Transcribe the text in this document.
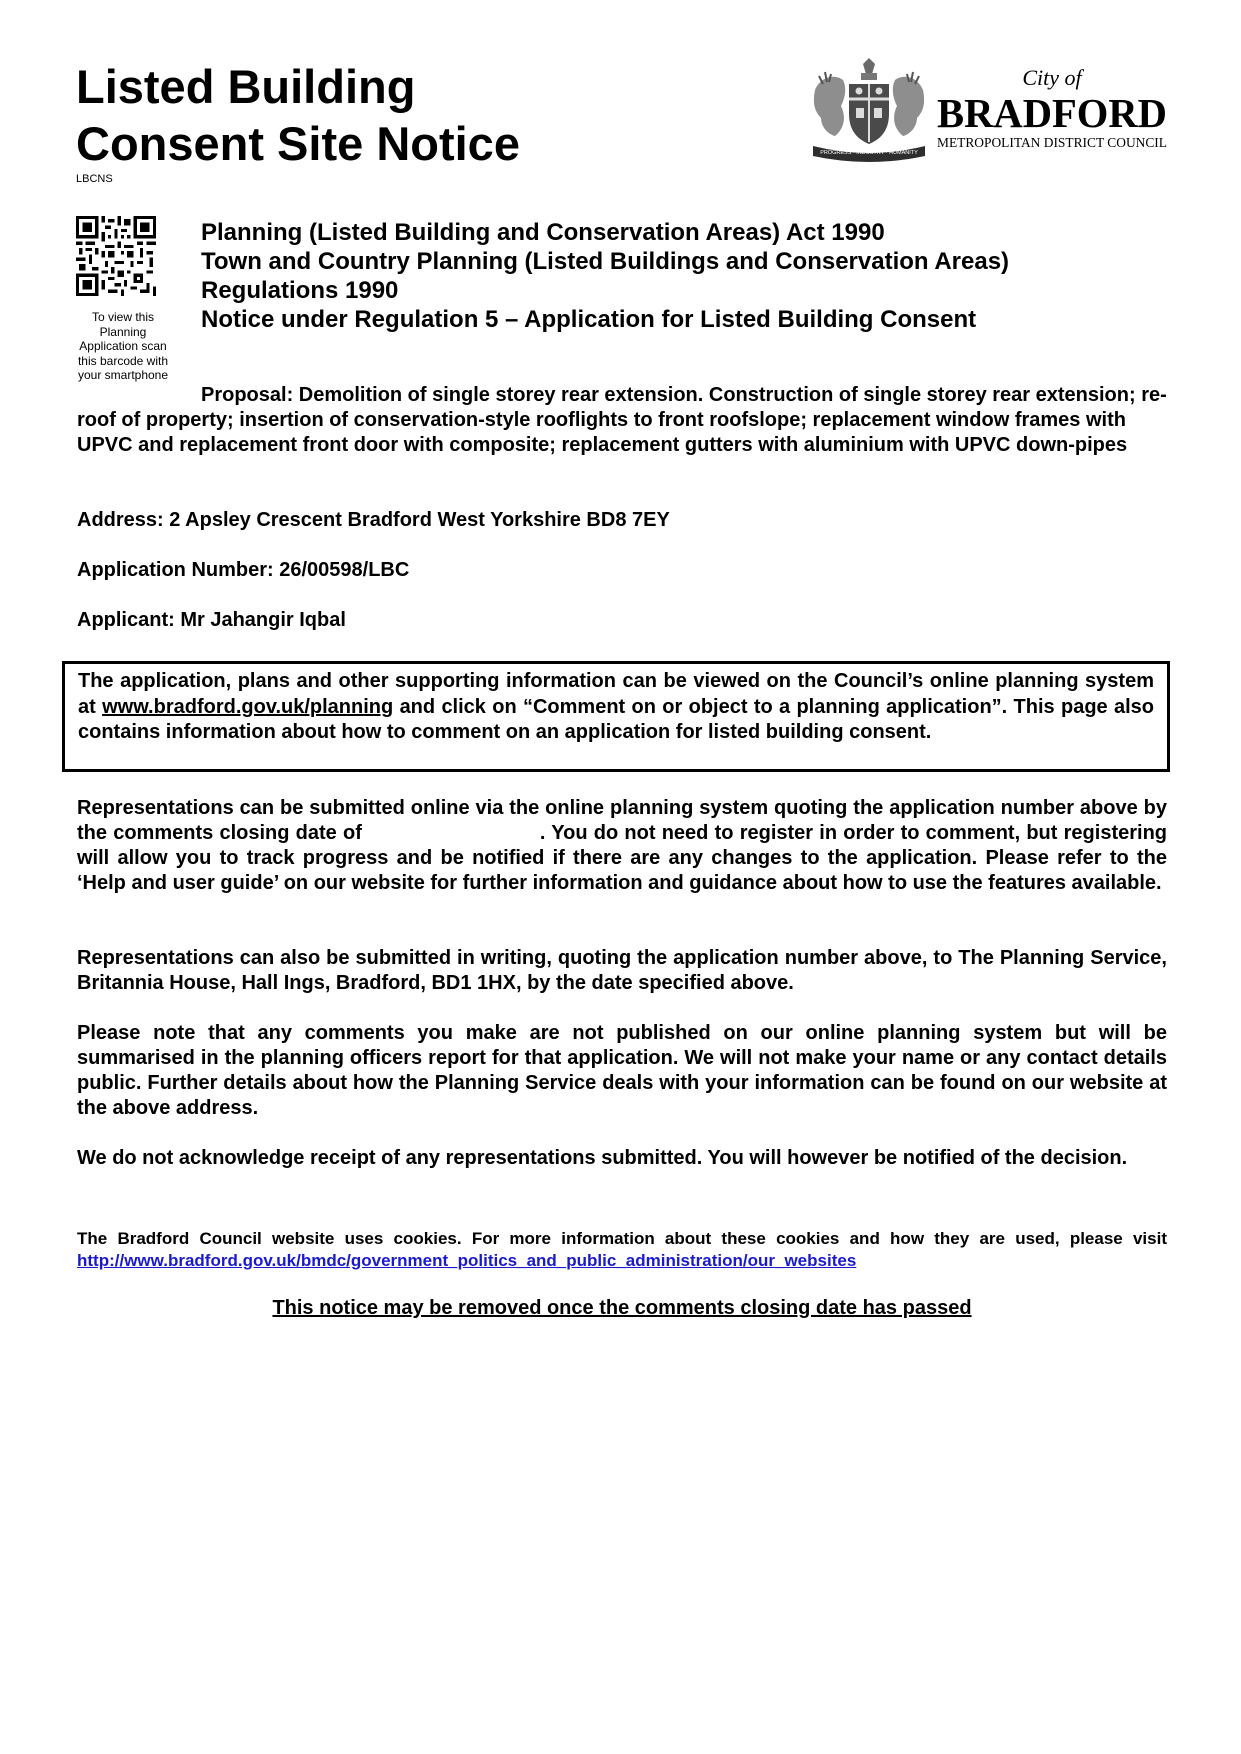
Listed Building
Consent Site Notice
LBCNS
PROGRESS · INDUSTRY · HUMANITY
City of
BRADFORD
METROPOLITAN DISTRICT COUNCIL
To view this Planning Application scan this barcode with your smartphone
Planning (Listed Building and Conservation Areas) Act 1990
Town and Country Planning (Listed Buildings and Conservation Areas)
Regulations 1990
Notice under Regulation 5 – Application for Listed Building Consent
Proposal: Demolition of single storey rear extension. Construction of single storey rear extension; re-roof of property; insertion of conservation-style rooflights to front roofslope; replacement window frames with UPVC and replacement front door with composite; replacement gutters with aluminium with UPVC down-pipes
Address: 2 Apsley Crescent Bradford West Yorkshire BD8 7EY
Application Number: 26/00598/LBC
Applicant: Mr Jahangir Iqbal
The application, plans and other supporting information can be viewed on the Council’s online planning system at www.bradford.gov.uk/planning and click on “Comment on or object to a planning application”. This page also contains information about how to comment on an application for listed building consent.
Representations can be submitted online via the online planning system quoting the application number above by the comments closing date of	. You do not need to register in order to comment, but registering will allow you to track progress and be notified if there are any changes to the application. Please refer to the ‘Help and user guide’ on our website for further information and guidance about how to use the features available.
Representations can also be submitted in writing, quoting the application number above, to The Planning Service, Britannia House, Hall Ings, Bradford, BD1 1HX, by the date specified above.
Please note that any comments you make are not published on our online planning system but will be summarised in the planning officers report for that application. We will not make your name or any contact details public. Further details about how the Planning Service deals with your information can be found on our website at the above address.
We do not acknowledge receipt of any representations submitted. You will however be notified of the decision.
The Bradford Council website uses cookies. For more information about these cookies and how they are used, please visit http://www.bradford.gov.uk/bmdc/government_politics_and_public_administration/our_websites
This notice may be removed once the comments closing date has passed
